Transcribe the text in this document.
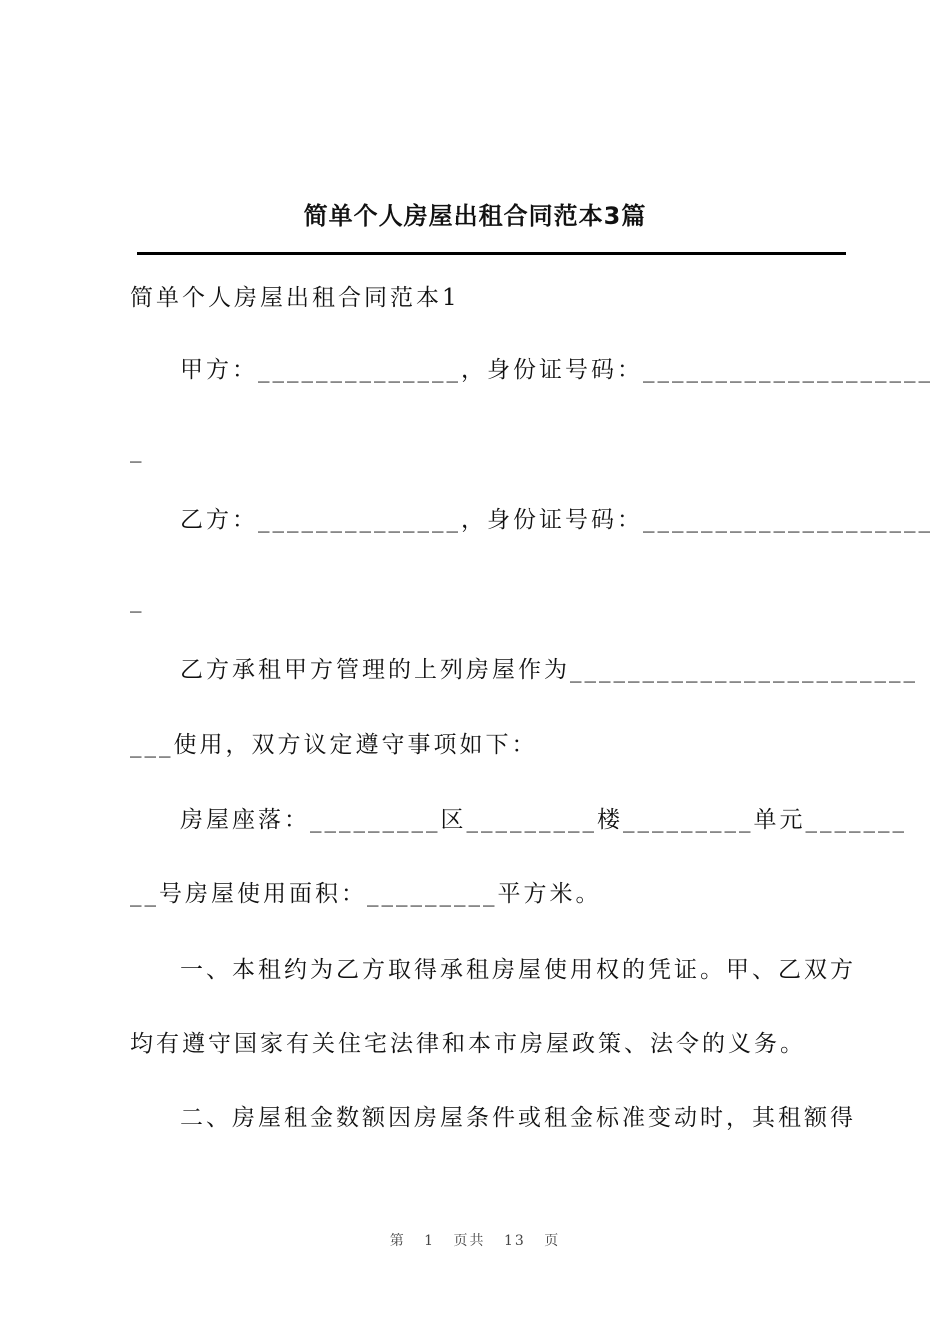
简单个人房屋出租合同范本3篇
简单个人房屋出租合同范本1
甲方：______________，身份证号码：____________________
_
乙方：______________，身份证号码：____________________
_
乙方承租甲方管理的上列房屋作为________________________
___使用，双方议定遵守事项如下：
房屋座落：_________区_________楼_________单元_______
__号房屋使用面积：_________平方米。
一、本租约为乙方取得承租房屋使用权的凭证。甲、乙双方
均有遵守国家有关住宅法律和本市房屋政策、法令的义务。
二、房屋租金数额因房屋条件或租金标准变动时，其租额得
第 1 页共 13 页
